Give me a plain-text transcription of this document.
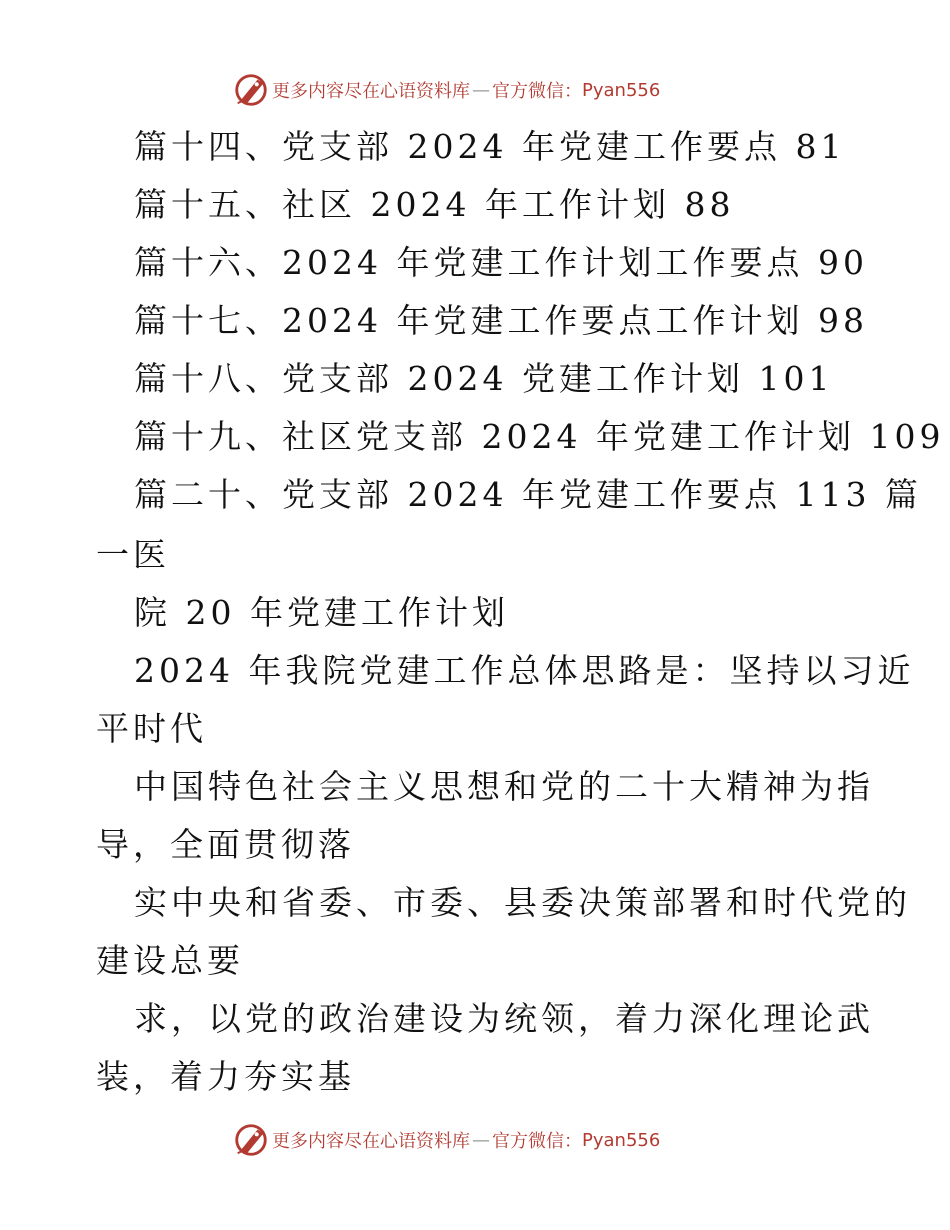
更多内容尽在心语资料库 — 官方微信： Pyan556
篇十四、党支部 2024 年党建工作要点 81
篇十五、社区 2024 年工作计划 88
篇十六、2024 年党建工作计划工作要点 90
篇十七、2024 年党建工作要点工作计划 98
篇十八、党支部 2024 党建工作计划 101
篇十九、社区党支部 2024 年党建工作计划 109
篇二十、党支部 2024 年党建工作要点 113 篇
一医
院 20 年党建工作计划
2024 年我院党建工作总体思路是：坚持以习近
平时代
中国特色社会主义思想和党的二十大精神为指
导，全面贯彻落
实中央和省委、市委、县委决策部署和时代党的
建设总要
求，以党的政治建设为统领，着力深化理论武
装，着力夯实基
更多内容尽在心语资料库 — 官方微信： Pyan556
